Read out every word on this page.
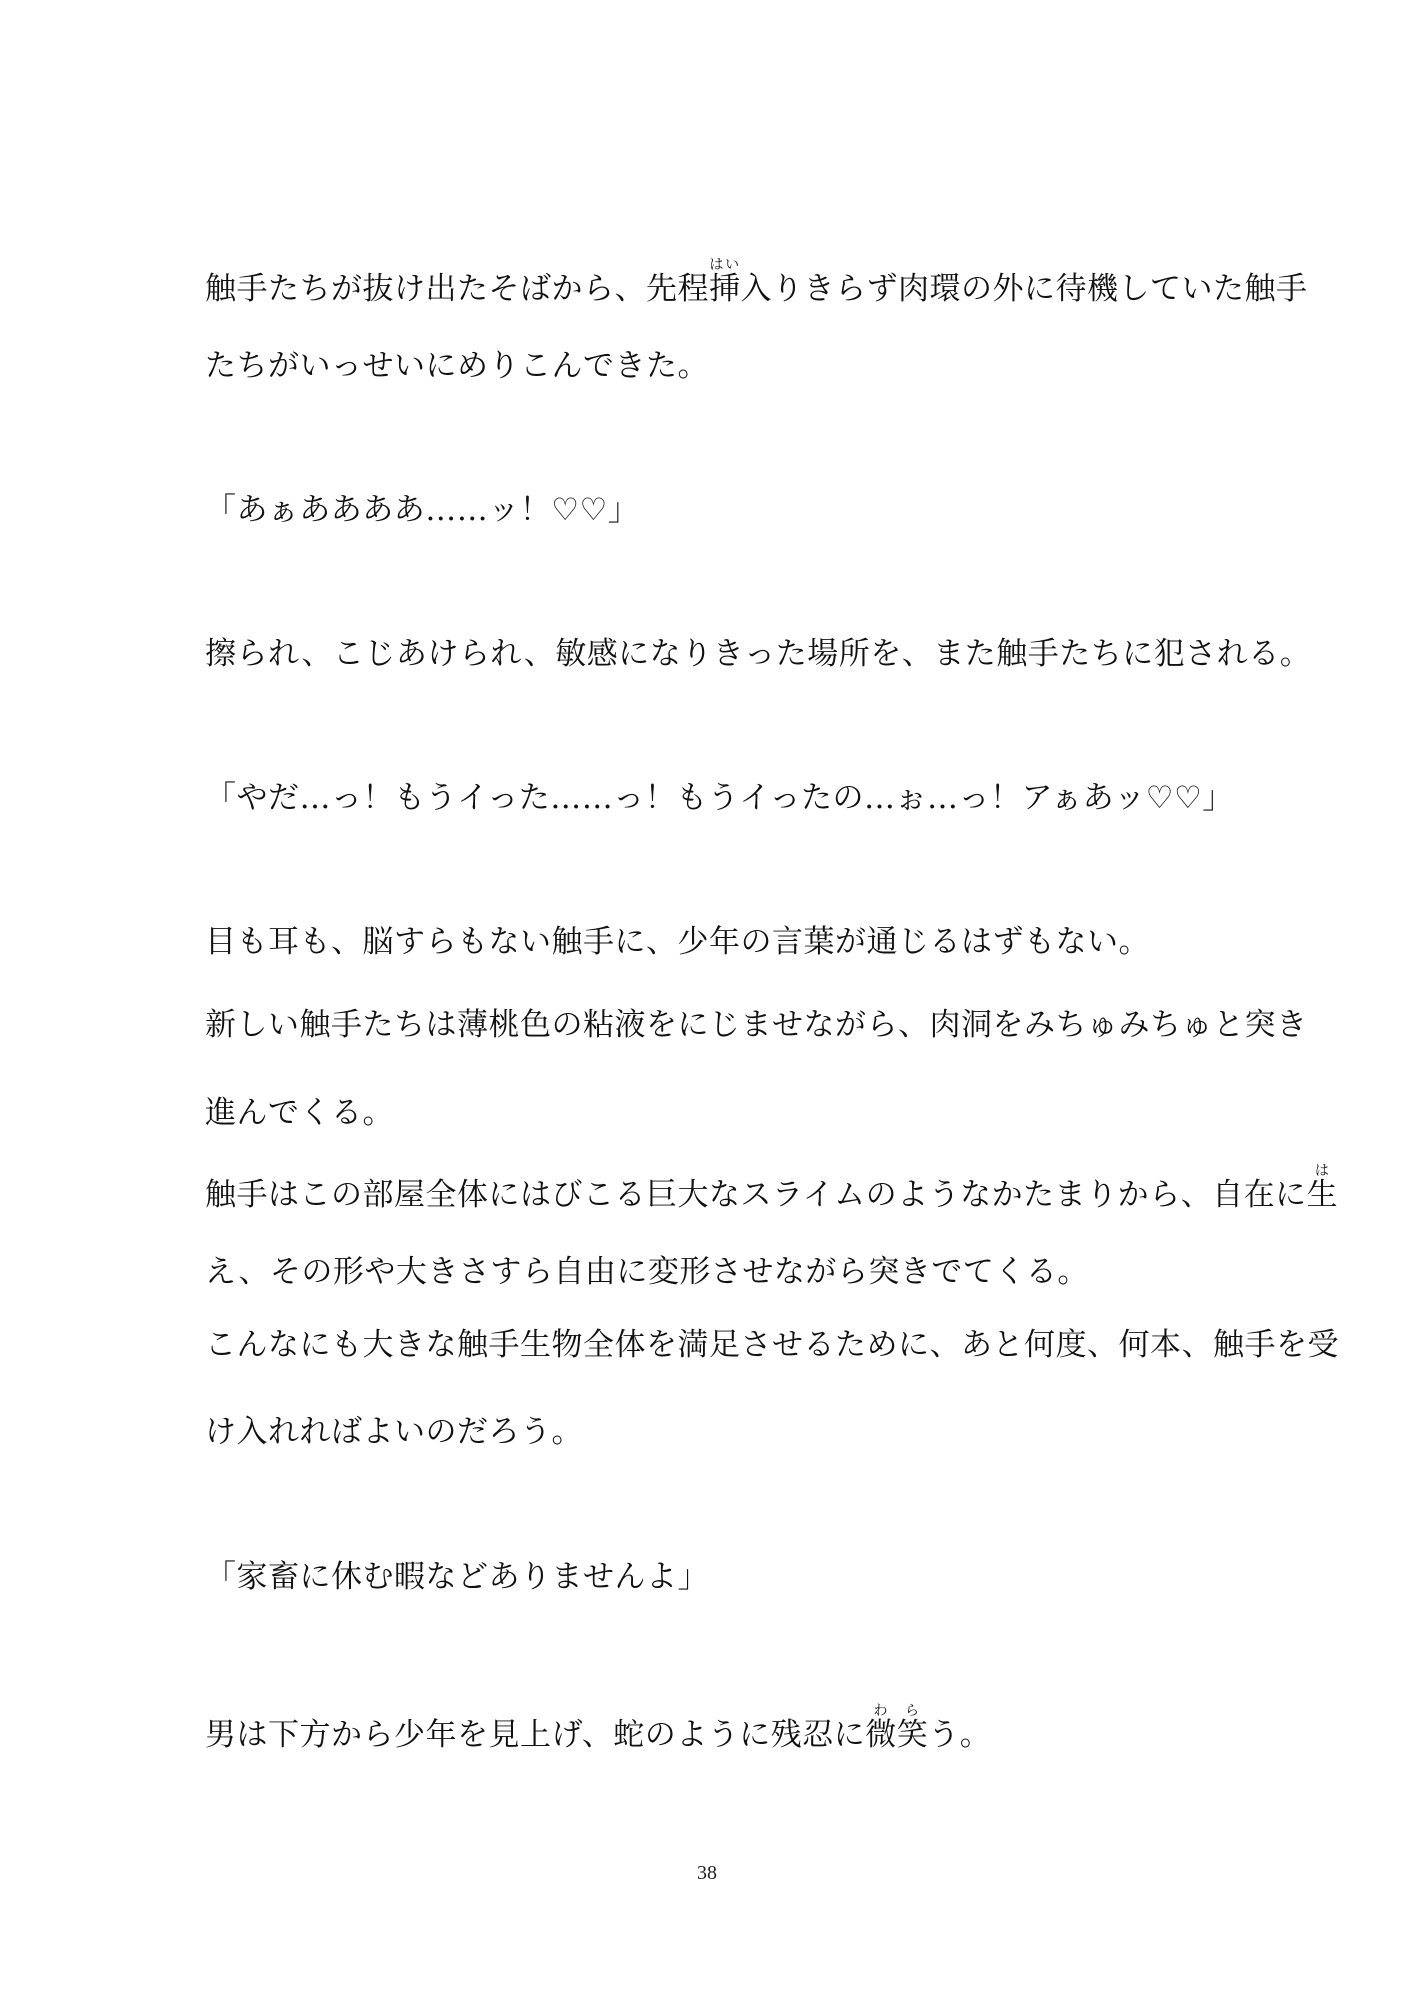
触手たちが抜け出たそばから、先程挿はい入りきらず肉環の外に待機していた触手
たちがいっせいにめりこんできた。
「あぁああああ……ッ！♡♡」
擦られ、こじあけられ、敏感になりきった場所を、また触手たちに犯される。
「やだ…っ！もうイった……っ！もうイったの…ぉ…っ！アぁあッ♡♡」
目も耳も、脳すらもない触手に、少年の言葉が通じるはずもない。
新しい触手たちは薄桃色の粘液をにじませながら、肉洞をみちゅみちゅと突き
進んでくる。
触手はこの部屋全体にはびこる巨大なスライムのようなかたまりから、自在に生は
え、その形や大きさすら自由に変形させながら突きでてくる。
こんなにも大きな触手生物全体を満足させるために、あと何度、何本、触手を受
け入れればよいのだろう。
「家畜に休む暇などありませんよ」
男は下方から少年を見上げ、蛇のように残忍に微笑わらう。
38
